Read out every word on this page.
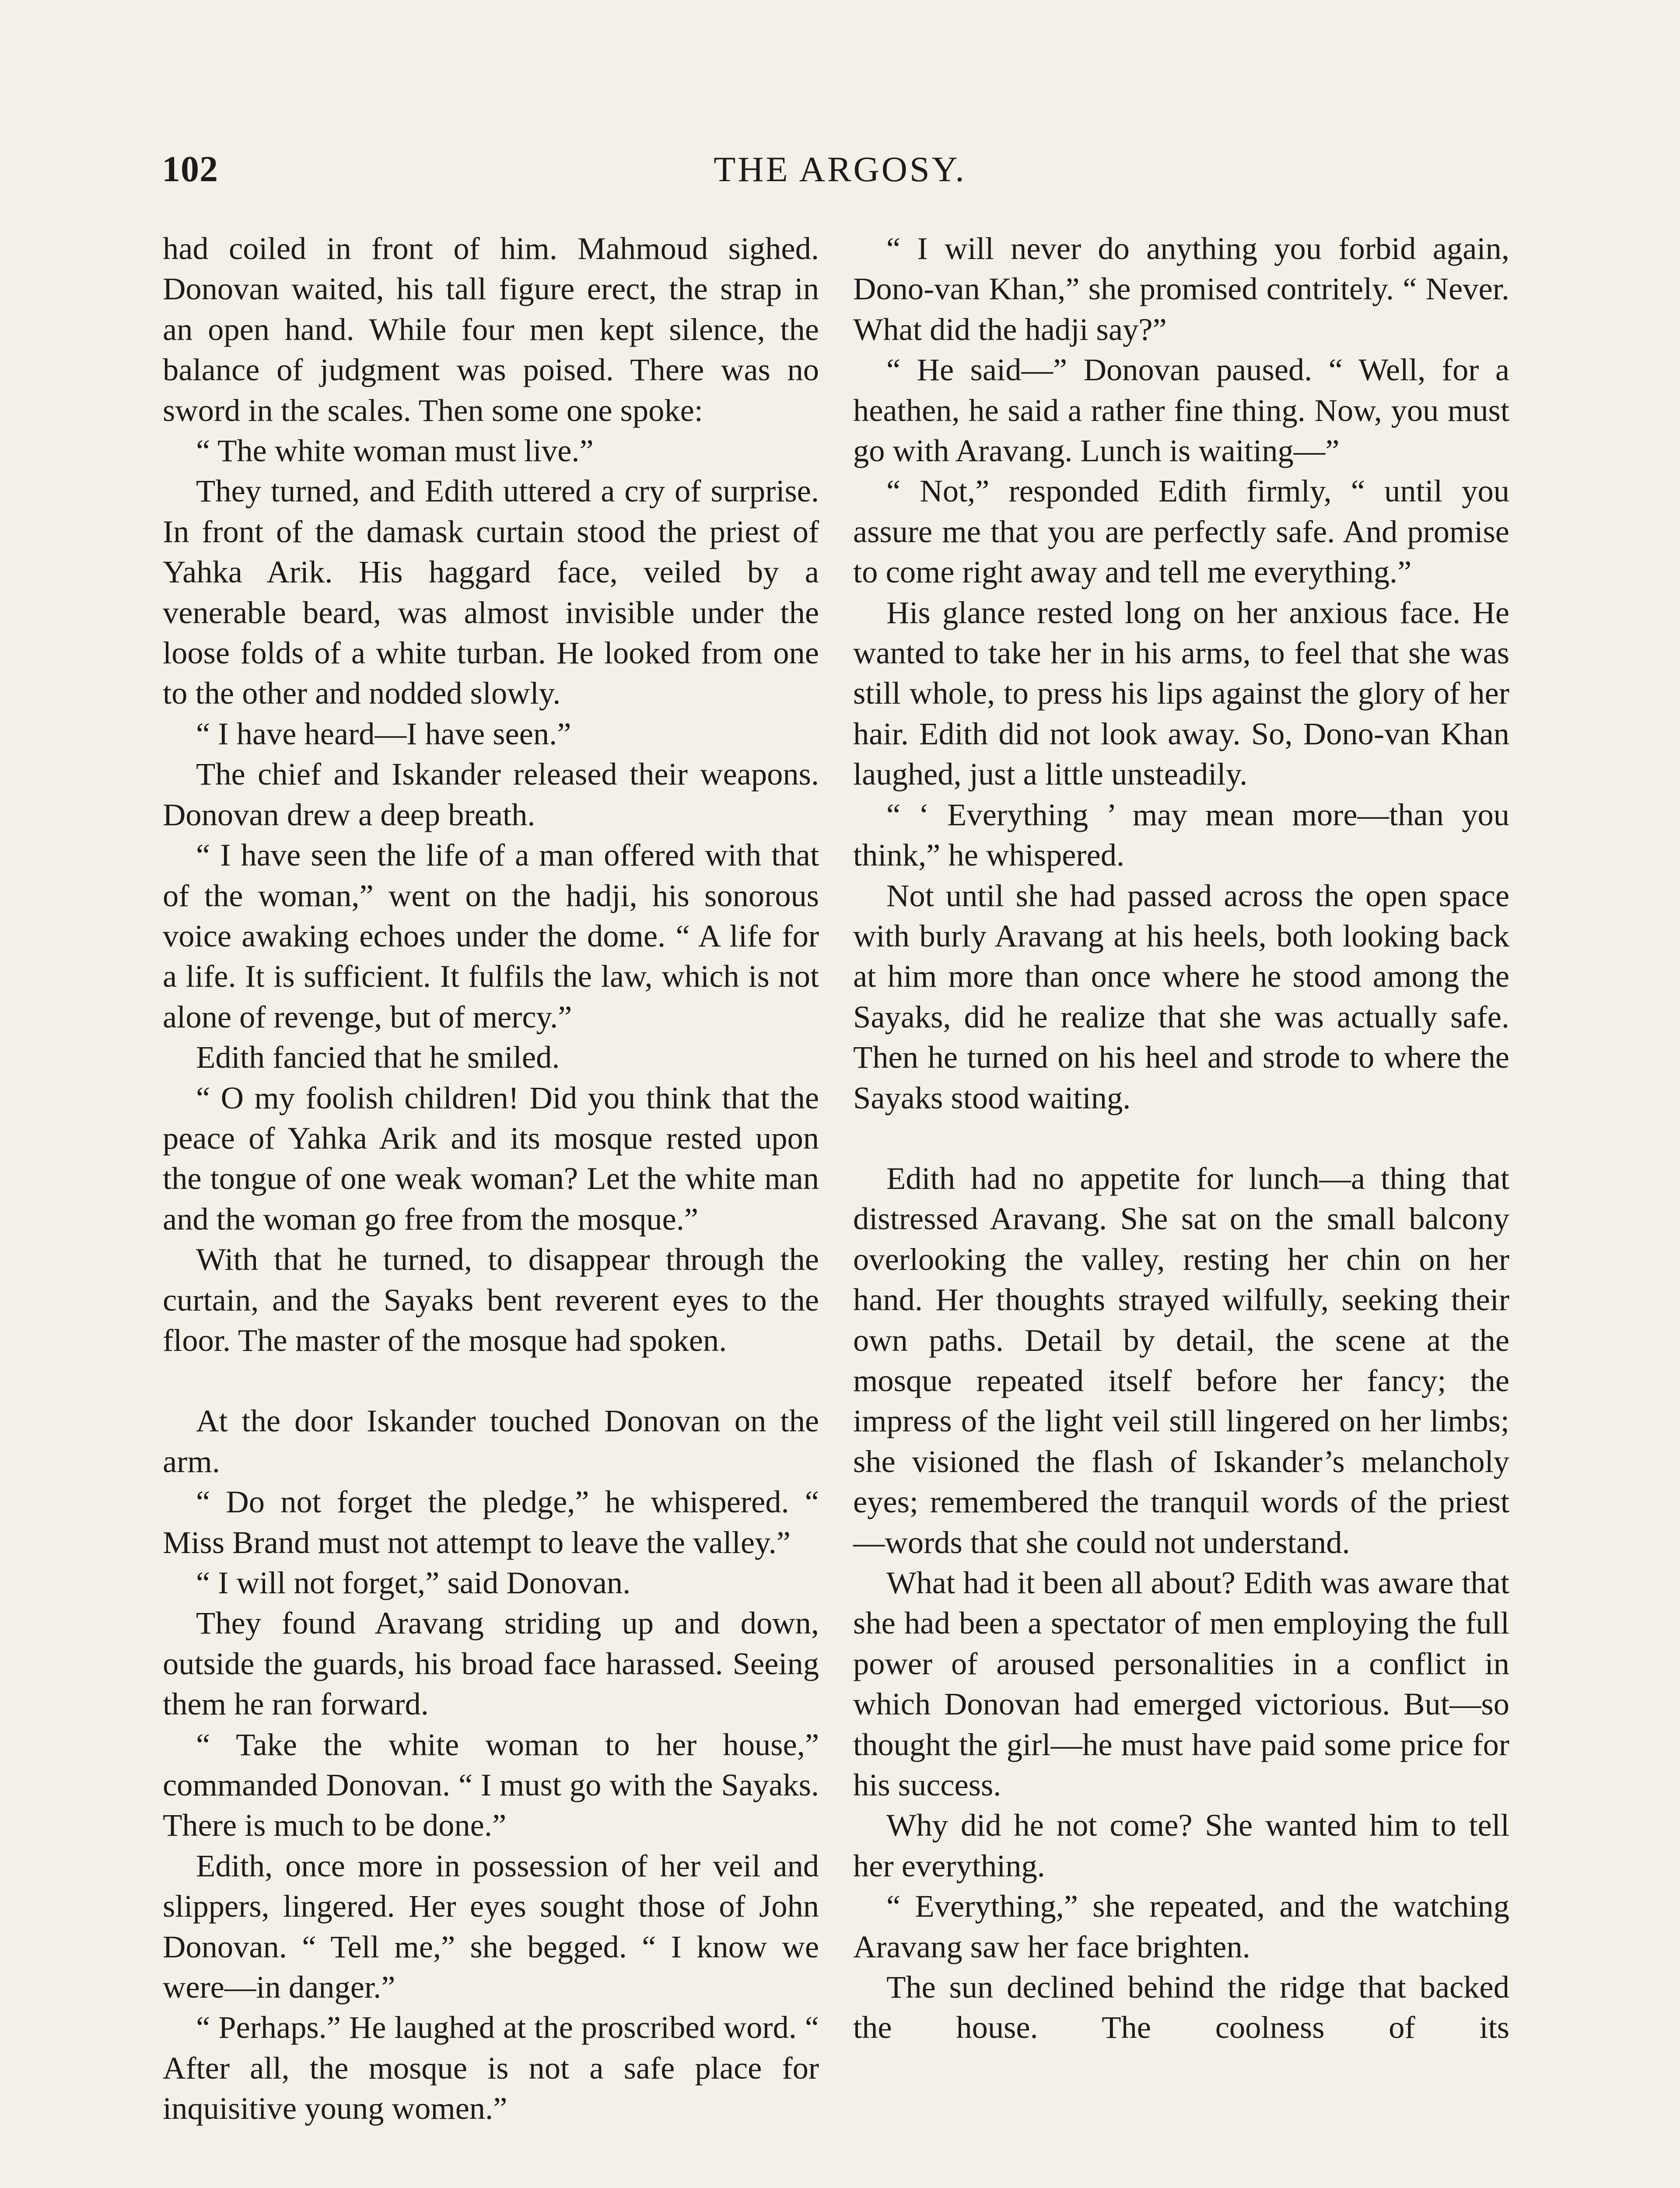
102	THE ARGOSY.

had coiled in front of him. Mahmoud sighed. Donovan waited, his tall figure erect, the strap in an open hand. While four men kept silence, the balance of judgment was poised. There was no sword in the scales. Then some one spoke:

“ The white woman must live.”

They turned, and Edith uttered a cry of surprise. In front of the damask curtain stood the priest of Yahka Arik. His haggard face, veiled by a venerable beard, was almost invisible under the loose folds of a white turban. He looked from one to the other and nodded slowly.

“ I have heard—I have seen.”

The chief and Iskander released their weapons. Donovan drew a deep breath.

“ I have seen the life of a man offered with that of the woman,” went on the hadji, his sonorous voice awaking echoes under the dome. “ A life for a life. It is sufficient. It fulfils the law, which is not alone of revenge, but of mercy.”

Edith fancied that he smiled.

“ O my foolish children! Did you think that the peace of Yahka Arik and its mosque rested upon the tongue of one weak woman? Let the white man and the woman go free from the mosque.”

With that he turned, to disappear through the curtain, and the Sayaks bent reverent eyes to the floor. The master of the mosque had spoken.

At the door Iskander touched Donovan on the arm.

“ Do not forget the pledge,” he whispered. “ Miss Brand must not attempt to leave the valley.”

“ I will not forget,” said Donovan.

They found Aravang striding up and down, outside the guards, his broad face harassed. Seeing them he ran forward.

“ Take the white woman to her house,” commanded Donovan. “ I must go with the Sayaks. There is much to be done.”

Edith, once more in possession of her veil and slippers, lingered. Her eyes sought those of John Donovan. “ Tell me,” she begged. “ I know we were—in danger.”

“ Perhaps.” He laughed at the proscribed word. “ After all, the mosque is not a safe place for inquisitive young women.”

“ I will never do anything you forbid again, Dono-van Khan,” she promised contritely. “ Never. What did the hadji say?”

“ He said—” Donovan paused. “ Well, for a heathen, he said a rather fine thing. Now, you must go with Aravang. Lunch is waiting—”

“ Not,” responded Edith firmly, “ until you assure me that you are perfectly safe. And promise to come right away and tell me everything.”

His glance rested long on her anxious face. He wanted to take her in his arms, to feel that she was still whole, to press his lips against the glory of her hair. Edith did not look away. So, Dono-van Khan laughed, just a little unsteadily.

“ ‘ Everything ’ may mean more—than you think,” he whispered.

Not until she had passed across the open space with burly Aravang at his heels, both looking back at him more than once where he stood among the Sayaks, did he realize that she was actually safe. Then he turned on his heel and strode to where the Sayaks stood waiting.

Edith had no appetite for lunch—a thing that distressed Aravang. She sat on the small balcony overlooking the valley, resting her chin on her hand. Her thoughts strayed wilfully, seeking their own paths. Detail by detail, the scene at the mosque repeated itself before her fancy; the impress of the light veil still lingered on her limbs; she visioned the flash of Iskander’s melancholy eyes; remembered the tranquil words of the priest—words that she could not understand.

What had it been all about? Edith was aware that she had been a spectator of men employing the full power of aroused personalities in a conflict in which Donovan had emerged victorious. But—so thought the girl—he must have paid some price for his success.

Why did he not come? She wanted him to tell her everything.

“ Everything,” she repeated, and the watching Aravang saw her face brighten.

The sun declined behind the ridge that backed the house. The coolness of its
